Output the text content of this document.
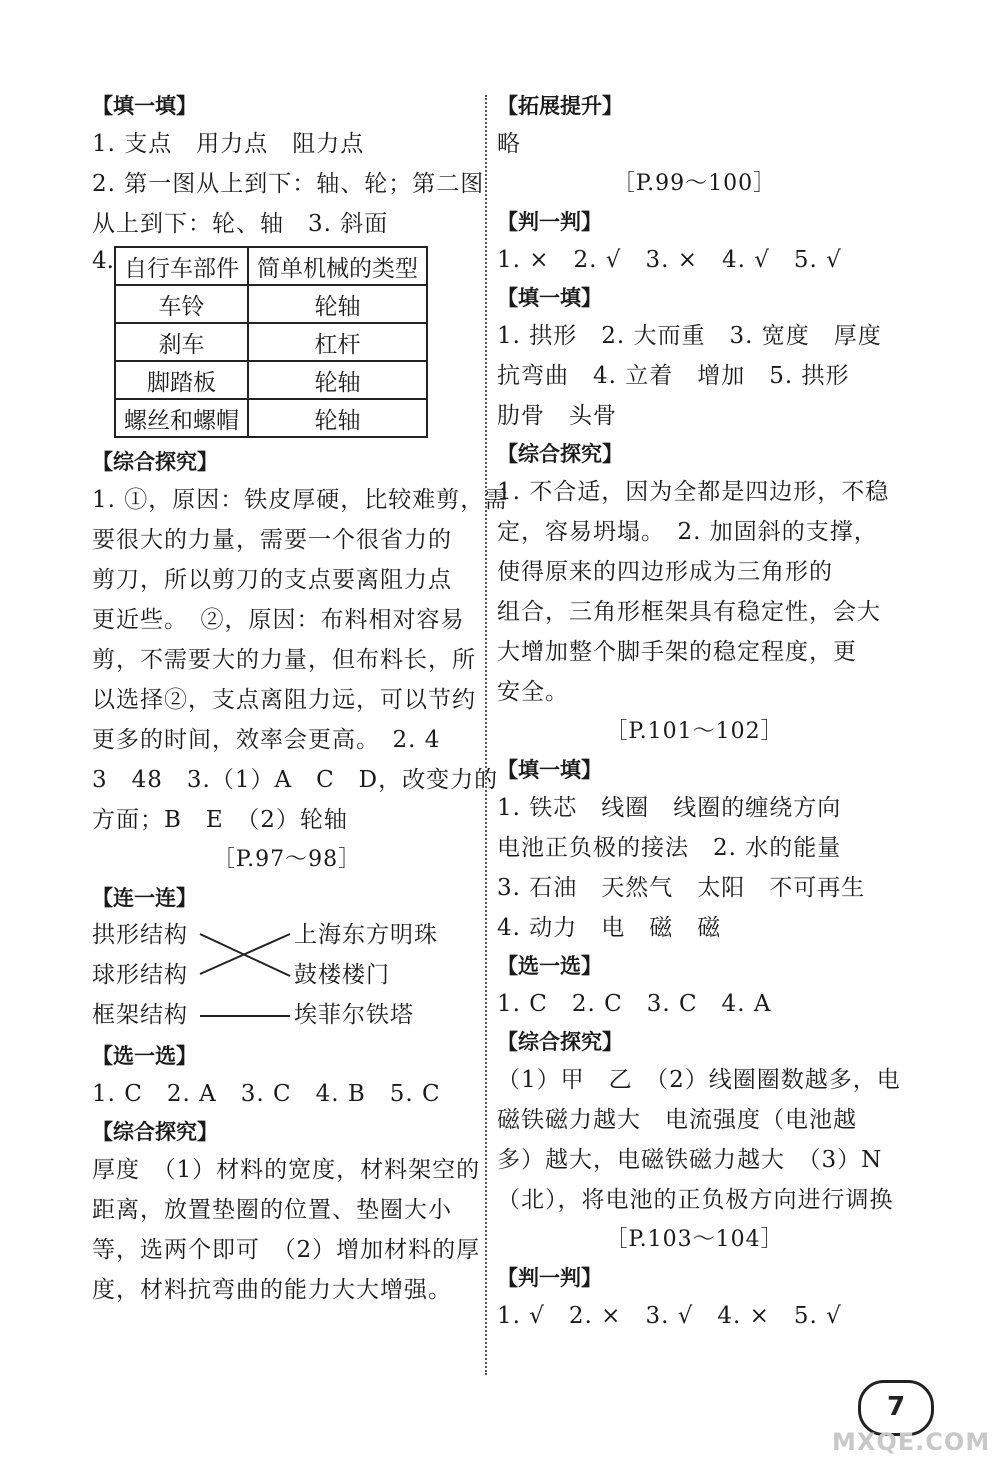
【填一填】
1. 支点　用力点　阻力点
2. 第一图从上到下：轴、轮；第二图
从上到下：轮、轴　3. 斜面
4. 自行车部件	简单机械的类型
车铃	轮轴
刹车	杠杆
脚踏板	轮轴
螺丝和螺帽	轮轴
【综合探究】
1. ①，原因：铁皮厚硬，比较难剪，需
要很大的力量，需要一个很省力的
剪刀，所以剪刀的支点要离阻力点
更近些。　②，原因：布料相对容易
剪，不需要大的力量，但布料长，所
以选择②，支点离阻力远，可以节约
更多的时间，效率会更高。　2. 4
3　48　3.（1）A　C　D，改变力的
方面；B　E　（2）轮轴
［P.97～98］
【连一连】
拱形结构
球形结构
框架结构
上海东方明珠
鼓楼楼门
埃菲尔铁塔
【选一选】
1. C　2. A　3. C　4. B　5. C
【综合探究】
厚度　（1）材料的宽度，材料架空的
距离，放置垫圈的位置、垫圈大小
等，选两个即可　（2）增加材料的厚
度，材料抗弯曲的能力大大增强。
【拓展提升】
略
［P.99～100］
【判一判】
1. ×　2. √　3. ×　4. √　5. √
【填一填】
1. 拱形　2. 大而重　3. 宽度　厚度
抗弯曲　4. 立着　增加　5. 拱形
肋骨　头骨
【综合探究】
1. 不合适，因为全都是四边形，不稳
定，容易坍塌。　2. 加固斜的支撑，
使得原来的四边形成为三角形的
组合，三角形框架具有稳定性，会大
大增加整个脚手架的稳定程度，更
安全。
［P.101～102］
【填一填】
1. 铁芯　线圈　线圈的缠绕方向
电池正负极的接法　2. 水的能量
3. 石油　天然气　太阳　不可再生
4. 动力　电　磁　磁
【选一选】
1. C　2. C　3. C　4. A
【综合探究】
（1）甲　乙　（2）线圈圈数越多，电
磁铁磁力越大　电流强度（电池越
多）越大，电磁铁磁力越大　（3）N
（北），将电池的正负极方向进行调换
［P.103～104］
【判一判】
1. √　2. ×　3. √　4. ×　5. √
7
MXQE.COM
